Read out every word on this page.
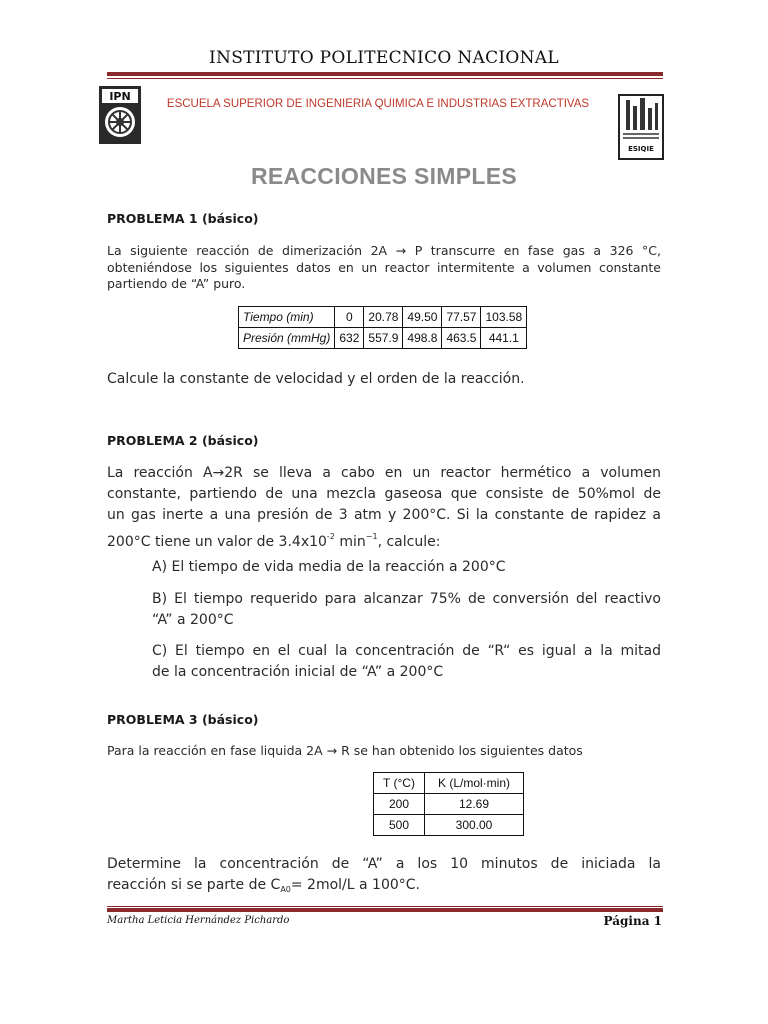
INSTITUTO POLITECNICO NACIONAL
IPN
ESCUELA SUPERIOR DE INGENIERIA QUIMICA E INDUSTRIAS EXTRACTIVAS
ESIQIE
REACCIONES SIMPLES
PROBLEMA 1 (básico)
La siguiente reacción de dimerización 2A → P transcurre en fase gas a 326 °C,
obteniéndose los siguientes datos en un reactor intermitente a volumen constante
partiendo de “A” puro.
Tiempo (min)	0	20.78	49.50	77.57	103.58
Presión (mmHg)	632	557.9	498.8	463.5	441.1
Calcule la constante de velocidad y el orden de la reacción.
PROBLEMA 2 (básico)
La reacción A→2R se lleva a cabo en un reactor hermético a volumen
constante, partiendo de una mezcla gaseosa que consiste de 50%mol de
un gas inerte a una presión de 3 atm y 200°C. Si la constante de rapidez a
200°C tiene un valor de $3.4x10^{-2}$ $\min^{-1}$, calcule:
A) El tiempo de vida media de la reacción a 200°C
B) El tiempo requerido para alcanzar 75% de conversión del reactivo
“A” a 200°C
C) El tiempo en el cual la concentración de “R“ es igual a la mitad
de la concentración inicial de “A” a 200°C
PROBLEMA 3 (básico)
Para la reacción en fase liquida 2A → R se han obtenido los siguientes datos
T (°C)	K (L/mol·min)
200	12.69
500	300.00
Determine la concentración de “A” a los 10 minutos de iniciada la
reacción si se parte de $C_{A0}= 2mol/L$ a 100°C.
Martha Leticia Hernández Pichardo	Página 1
